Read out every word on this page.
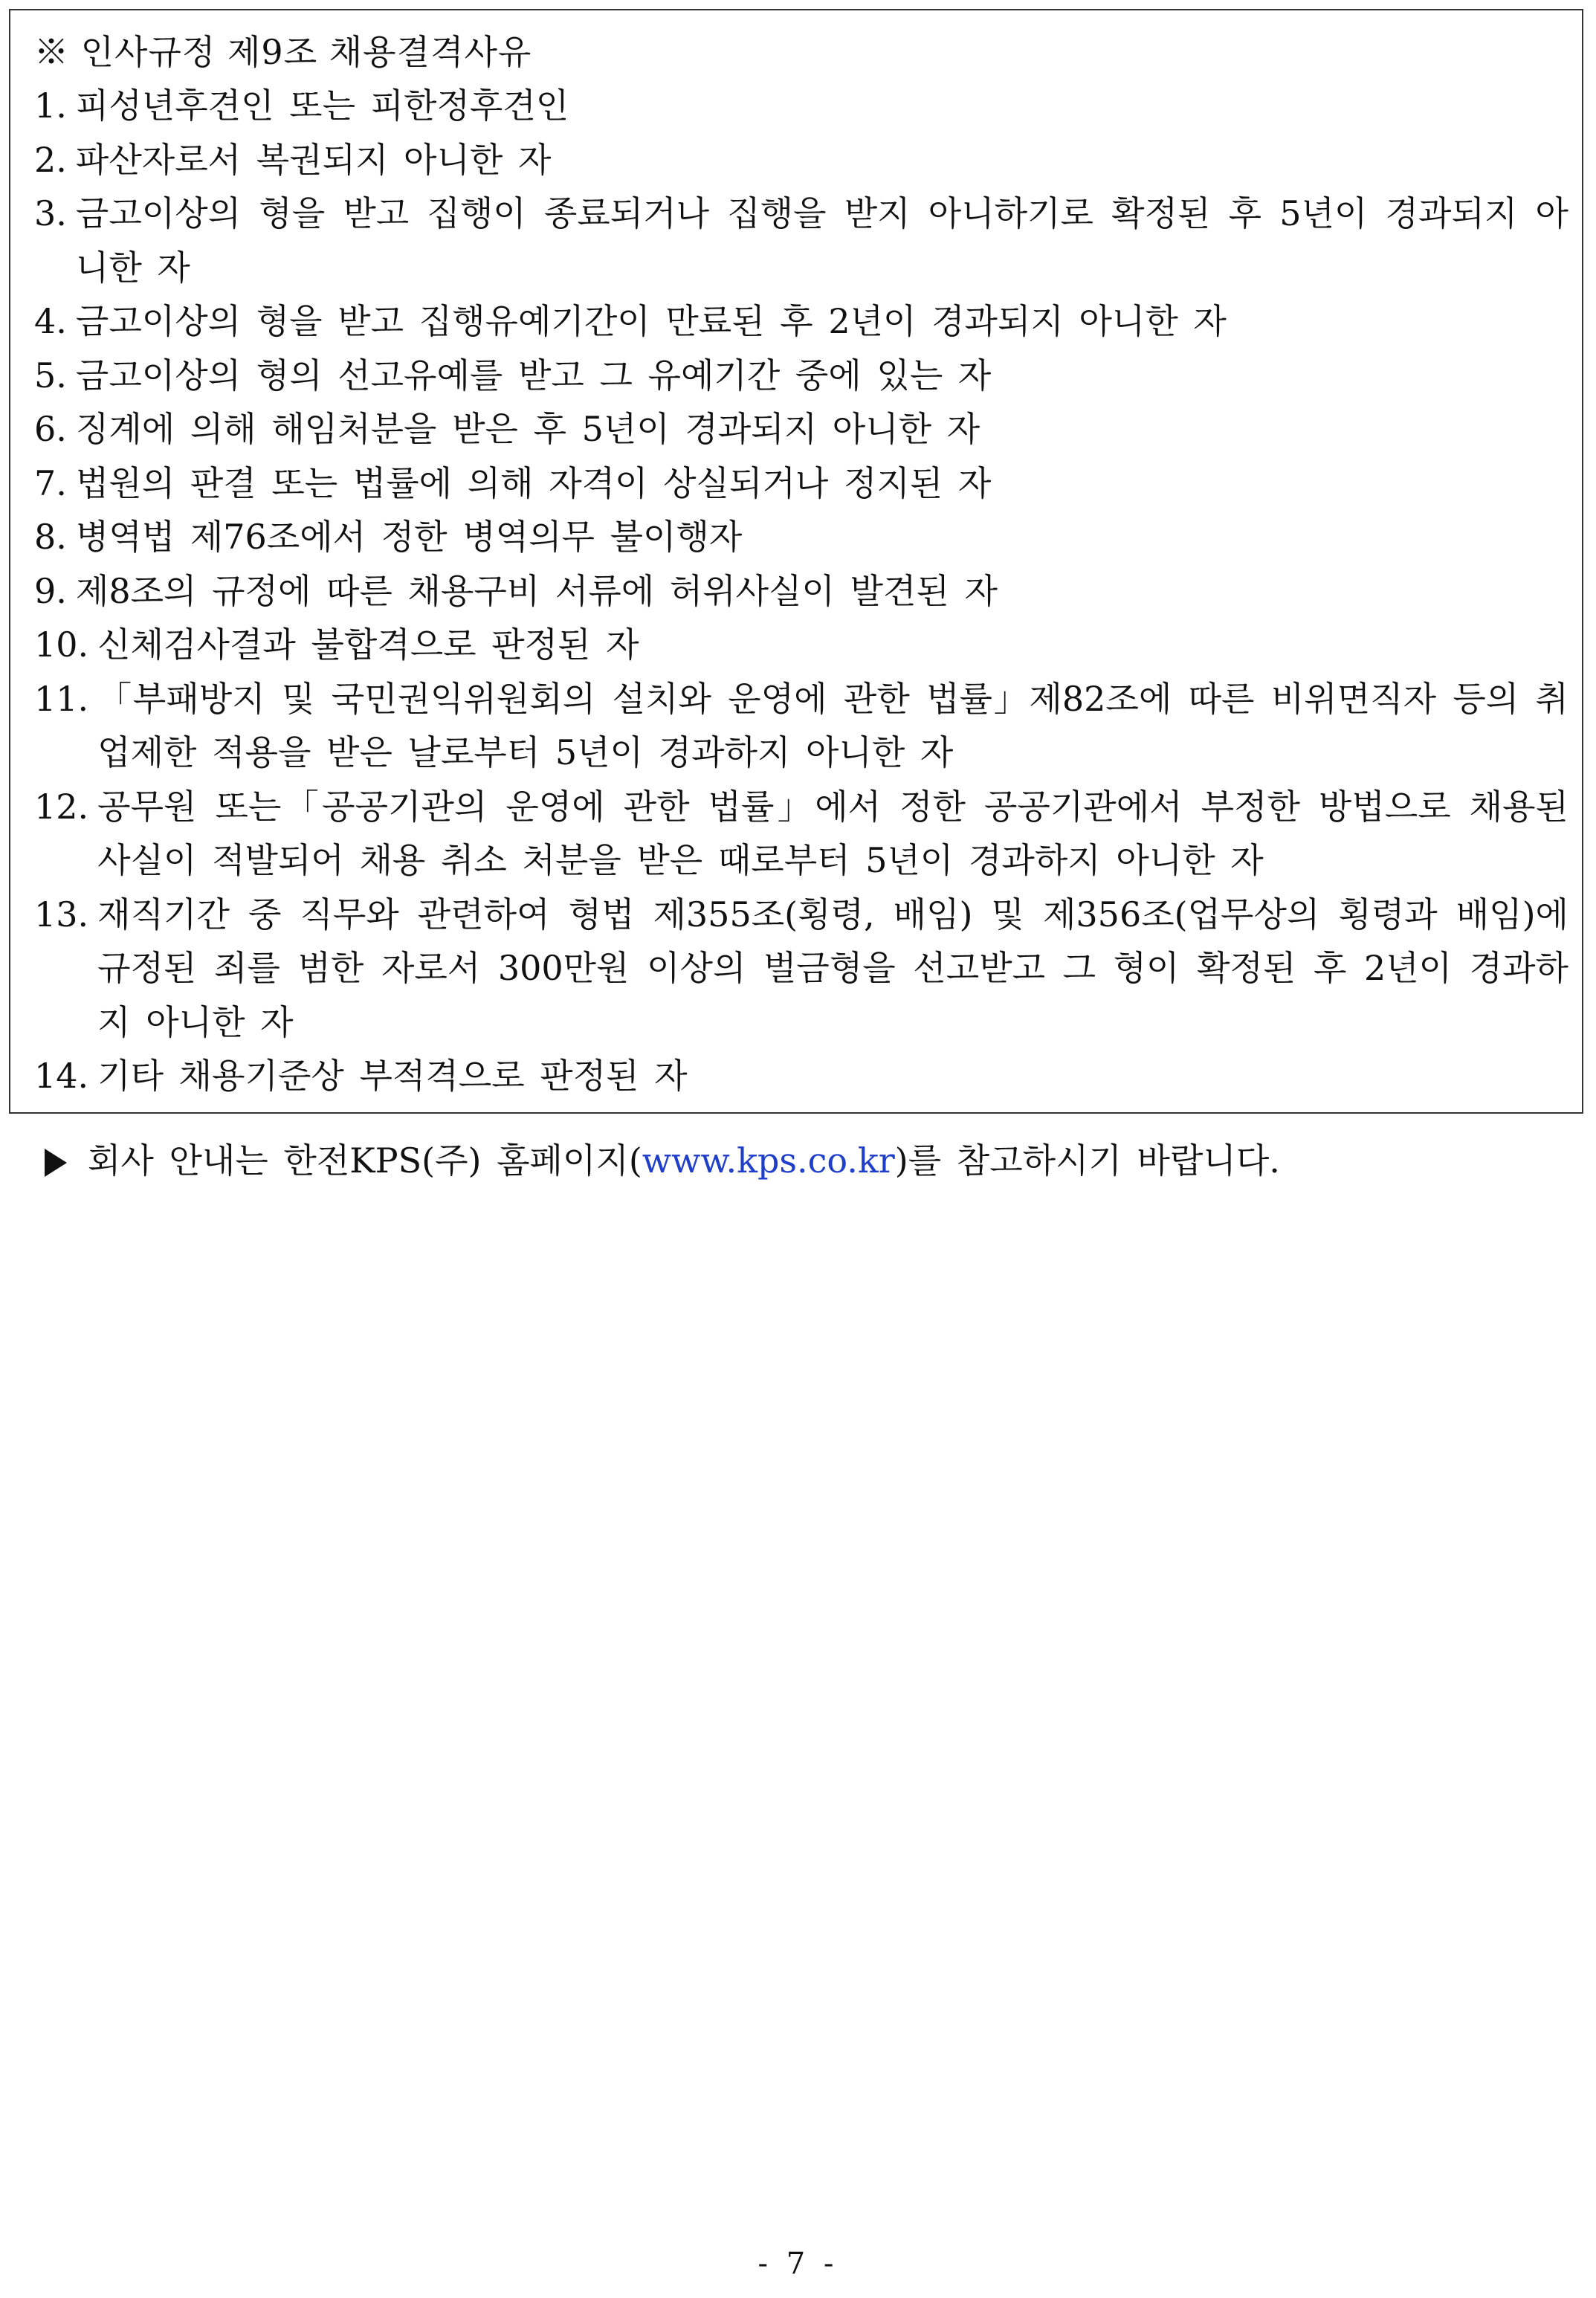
※ 인사규정 제9조 채용결격사유
1. 피성년후견인 또는 피한정후견인
2. 파산자로서 복권되지 아니한 자
3. 금고이상의 형을 받고 집행이 종료되거나 집행을 받지 아니하기로 확정된 후 5년이 경과되지 아니한 자
4. 금고이상의 형을 받고 집행유예기간이 만료된 후 2년이 경과되지 아니한 자
5. 금고이상의 형의 선고유예를 받고 그 유예기간 중에 있는 자
6. 징계에 의해 해임처분을 받은 후 5년이 경과되지 아니한 자
7. 법원의 판결 또는 법률에 의해 자격이 상실되거나 정지된 자
8. 병역법 제76조에서 정한 병역의무 불이행자
9. 제8조의 규정에 따른 채용구비 서류에 허위사실이 발견된 자
10. 신체검사결과 불합격으로 판정된 자
11. 「부패방지 및 국민권익위원회의 설치와 운영에 관한 법률」제82조에 따른 비위면직자 등의 취업제한 적용을 받은 날로부터 5년이 경과하지 아니한 자
12. 공무원 또는「공공기관의 운영에 관한 법률」에서 정한 공공기관에서 부정한 방법으로 채용된 사실이 적발되어 채용 취소 처분을 받은 때로부터 5년이 경과하지 아니한 자
13. 재직기간 중 직무와 관련하여 형법 제355조(횡령, 배임) 및 제356조(업무상의 횡령과 배임)에 규정된 죄를 범한 자로서 300만원 이상의 벌금형을 선고받고 그 형이 확정된 후 2년이 경과하지 아니한 자
14. 기타 채용기준상 부적격으로 판정된 자
회사 안내는 한전KPS(주) 홈페이지(www.kps.co.kr)를 참고하시기 바랍니다.
- 7 -
